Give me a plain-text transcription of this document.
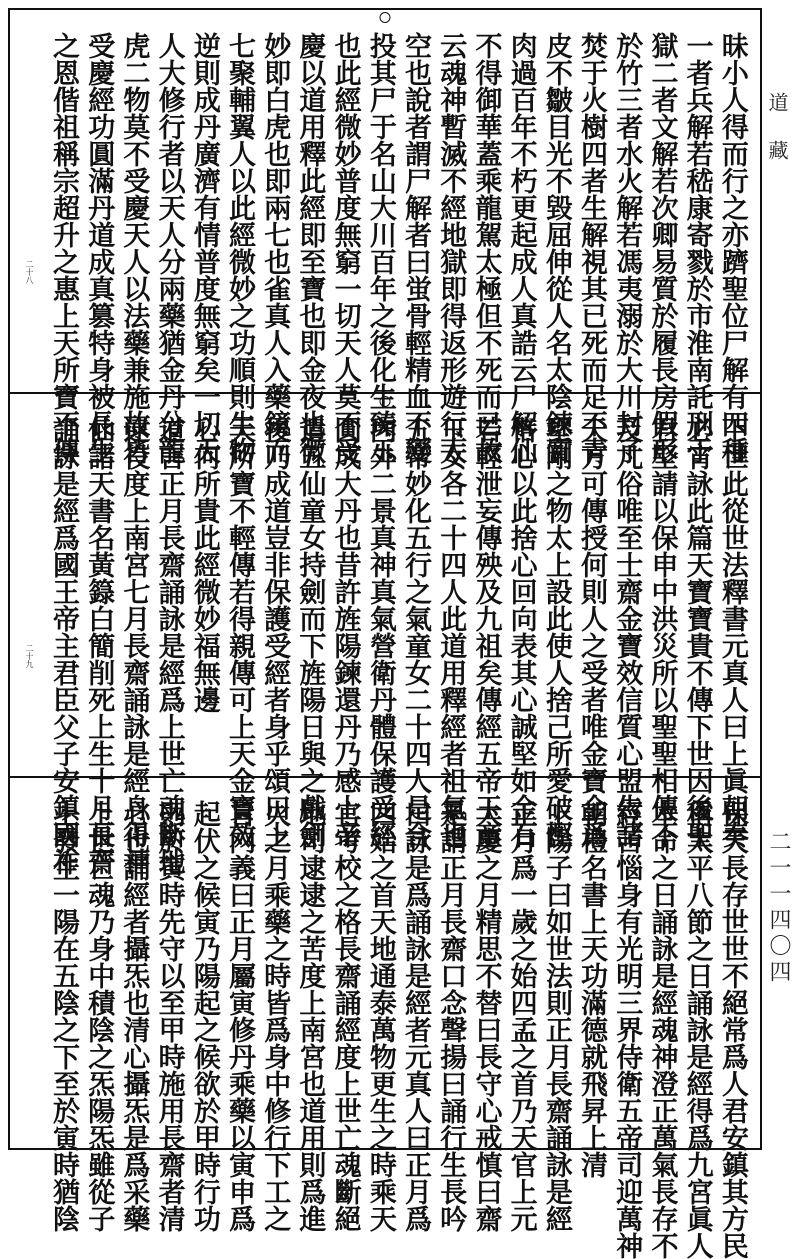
二十八	昧小人得而行之亦躋聖位尸解有四種
一者兵解若嵇康寄戮於市淮南託刑于
獄二者文解若次卿易質於履長房假形
於竹三者水火解若馮夷溺於大川封子
焚于火樹四者生解視其已死而足不青
皮不皺目光不毀屈伸從人名太陰鍊質
肉過百年不朽更起成人真誥云尸解仙
不得御華蓋乘龍駕太極但不死而已故
云魂神暫滅不經地獄即得返形遊行太
空也說者謂尸解者曰蛍骨輕精血不變
投其尸于名山大川百年之後化生臻玉
也此經微妙普度無窮一切天人莫不受
慶以道用釋此經即至寶也即金夜也微
妙即白虎也即兩七也雀真人入藥鏡而
七聚輔翼人以此經微妙之功順則生物
逆則成丹廣濟有情普度無窮矣一切天
人大修行者以天人分兩藥猶金丹分龍
虎二物莫不受慶天人以法藥兼施故皆
受慶經功圓滿丹道成真篡特身被長生
之恩偕祖稱宗超升之惠上天所寶不傳
二十九	下世此從世法釋書元真人曰上眞朝奏
必宵詠此篇天寶寶貴不傳下世因後聖
君堅請以保申中洪災所以聖聖相傳不
及凡俗唯至士齋金寶效信質心盟告諸
天方可傳授何則人之受者唯金寶金爲
堅剛之物太上設此使人捨己所愛破慳
悋心以此捨心回向表其心誠堅如金石
若輕泄妄傳殃及九祖矣傳經五帝玉童
玉女各二十四人此道用釋經者祖氣也
五帝妙化五行之氣童女二十四人是合
內外二景真神真氣營衛丹體保護受經
圓成大丹也昔許旌陽鍊還丹乃感上帝
遣五仙童女持劍而下旌陽日與之戲劍
後乃成道豈非保護受經者身乎頌曰上
天所寶不輕傳若得親傳可上天金寶效
心何所貴此經微妙福無邊
道言正月長齋誦詠是經爲上世亡魂斷地
逮役度上南宮七月長齋誦詠是經身得神
仙諸天書名黃籙白簡削死上生十月長齋
誦詠是經爲國王帝主君臣父子安鎮國祚
保天長存世世不絕常爲人君安鎮其方民
稱太平八節之日誦詠是經得爲九宮眞人
本命之日誦詠是經魂神澄正萬氣長存不
經苦惱身有光明三界侍衛五帝司迎萬神
朝禮名書上天功滿德就飛昇上清
上陽子曰如世法則正月長齋誦詠是經
正月爲一歲之始四孟之首乃天官上元
大慶之月精思不替曰長守心戒慎曰齋
是謂正月長齋口念聲揚曰誦行生長吟
曰詠是爲誦詠是經者元真人曰正月爲
四始之首天地通泰萬物更生之時乘天
官考校之格長齋誦經度上世亡魂斷絕
地司逮逮之苦度上南宮也道用則爲進
火之月乘藥之時皆爲身中修行下工之
旨內義曰正月屬寅修丹乘藥以寅申爲
起伏之候寅乃陽起之候欲於甲時行功
則於寅時先守以至甲時施用長齋者清
心也誦經者攝炁也清心攝炁是爲采藥
上世亡魂乃身中積陰之炁陽炁雖從子
上發生一陽在五陰之下至於寅時猶陰
道藏
二一一四〇四
